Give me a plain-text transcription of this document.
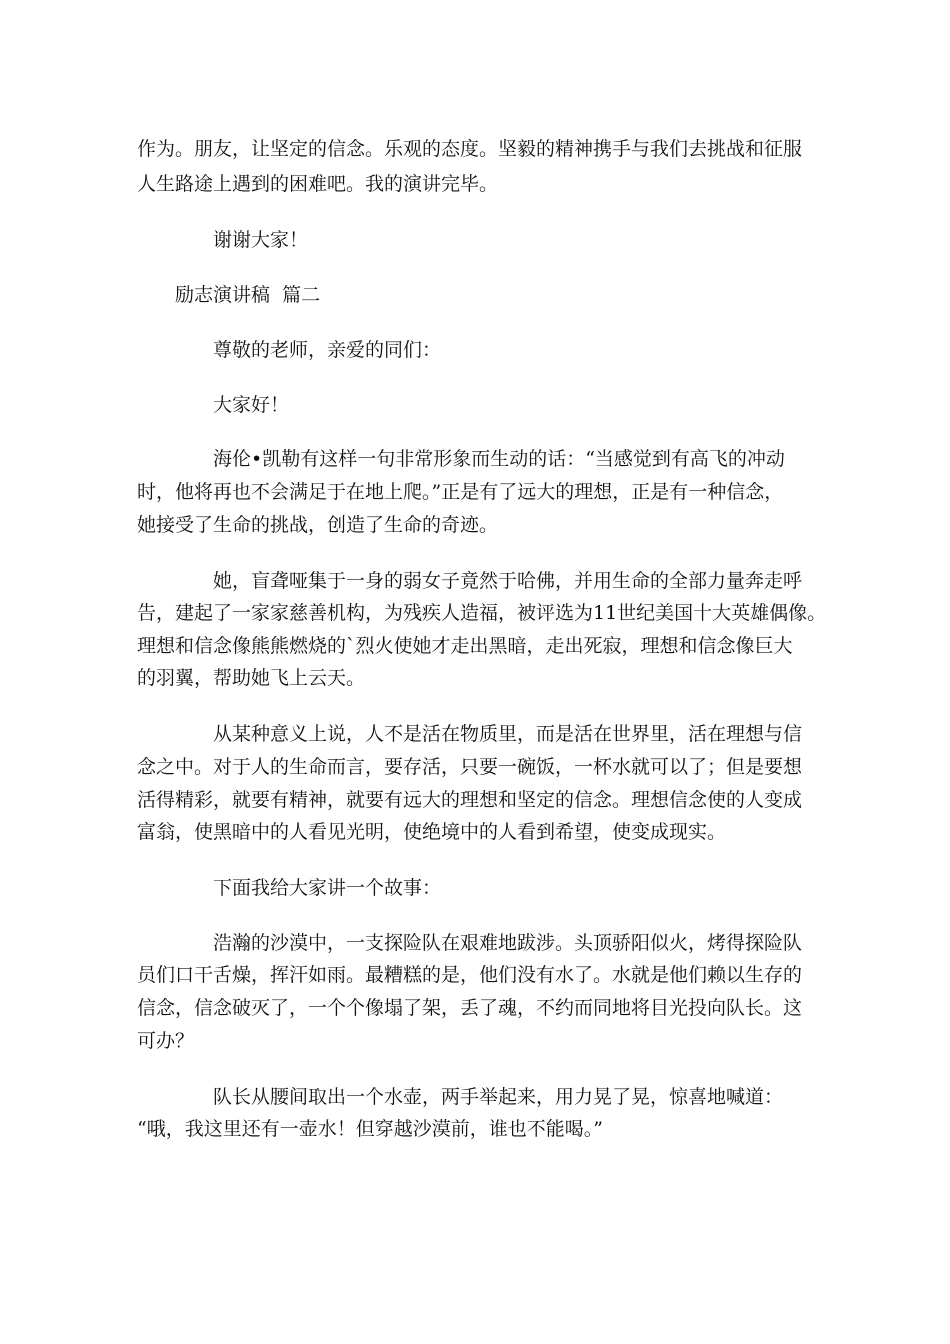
作为。朋友，让坚定的信念。乐观的态度。坚毅的精神携手与我们去挑战和征服
人生路途上遇到的困难吧。我的演讲完毕。
谢谢大家！
励志演讲稿  篇二
尊敬的老师，亲爱的同们：
大家好！
海伦•凯勒有这样一句非常形象而生动的话：“当感觉到有高飞的冲动
时，他将再也不会满足于在地上爬。”正是有了远大的理想，正是有一种信念，
她接受了生命的挑战，创造了生命的奇迹。
她，盲聋哑集于一身的弱女子竟然于哈佛，并用生命的全部力量奔走呼
告，建起了一家家慈善机构，为残疾人造福，被评选为11世纪美国十大英雄偶像。
理想和信念像熊熊燃烧的`烈火使她才走出黑暗，走出死寂，理想和信念像巨大
的羽翼，帮助她飞上云天。
从某种意义上说，人不是活在物质里，而是活在世界里，活在理想与信
念之中。对于人的生命而言，要存活，只要一碗饭，一杯水就可以了；但是要想
活得精彩，就要有精神，就要有远大的理想和坚定的信念。理想信念使的人变成
富翁，使黑暗中的人看见光明，使绝境中的人看到希望，使变成现实。
下面我给大家讲一个故事：
浩瀚的沙漠中，一支探险队在艰难地跋涉。头顶骄阳似火，烤得探险队
员们口干舌燥，挥汗如雨。最糟糕的是，他们没有水了。水就是他们赖以生存的
信念，信念破灭了，一个个像塌了架，丢了魂，不约而同地将目光投向队长。这
可办？
队长从腰间取出一个水壶，两手举起来，用力晃了晃，惊喜地喊道：
“哦，我这里还有一壶水！但穿越沙漠前，谁也不能喝。”
